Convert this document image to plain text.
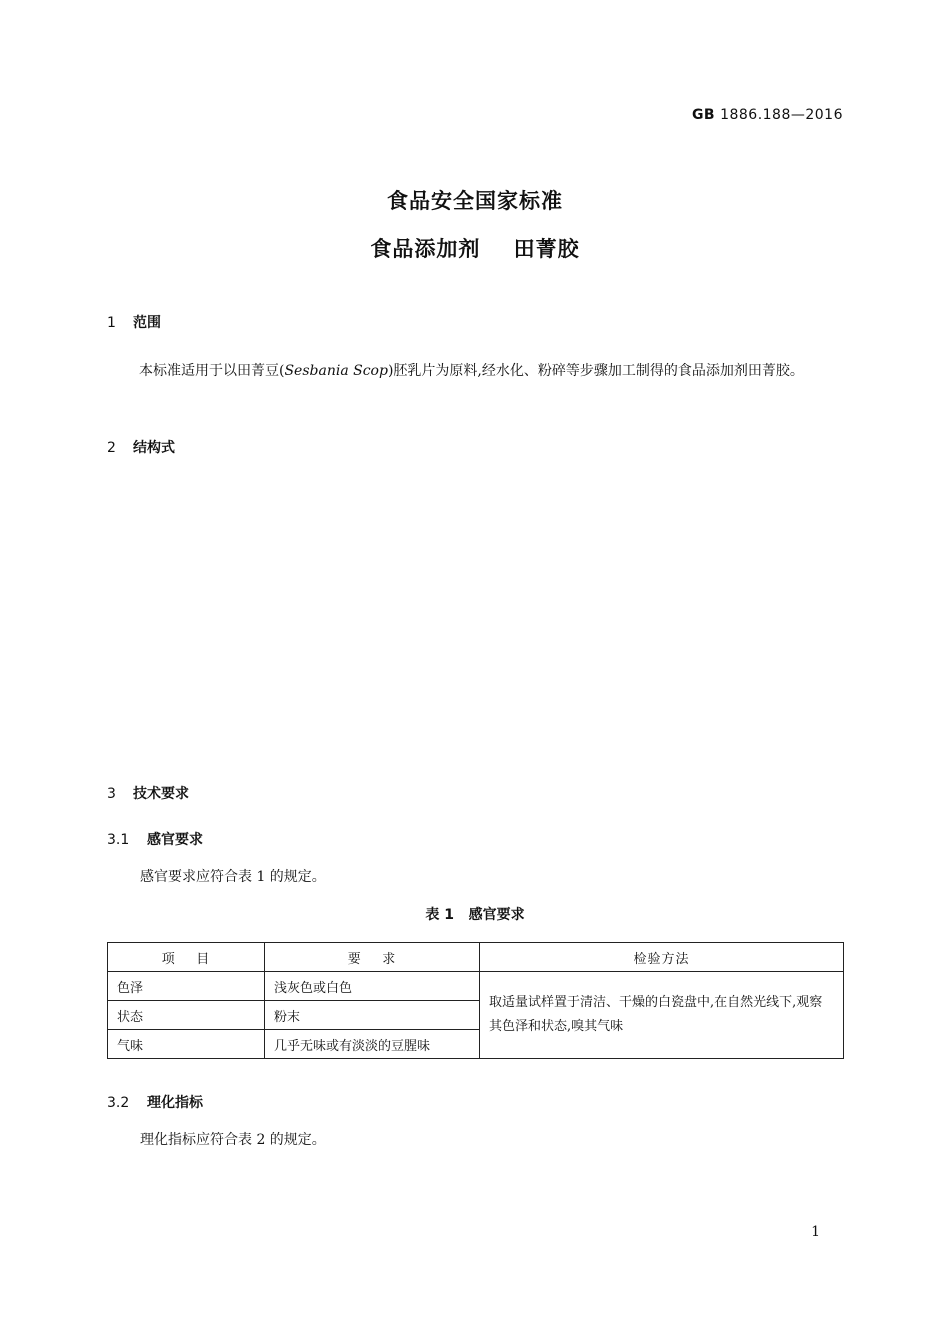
GB 1886.188—2016
食品安全国家标准
食品添加剂    田菁胶
1 范围
本标准适用于以田菁豆(Sesbania Scop)胚乳片为原料,经水化、粉碎等步骤加工制得的食品添加剂田菁胶。
2 结构式
3 技术要求
3.1 感官要求
感官要求应符合表 1 的规定。
表 1   感官要求
项    目	要    求	检验方法
色泽	浅灰色或白色	取适量试样置于清洁、干燥的白瓷盘中,在自然光线下,观察其色泽和状态,嗅其气味
状态	粉末	
气味	几乎无味或有淡淡的豆腥味	
3.2 理化指标
理化指标应符合表 2 的规定。
1
